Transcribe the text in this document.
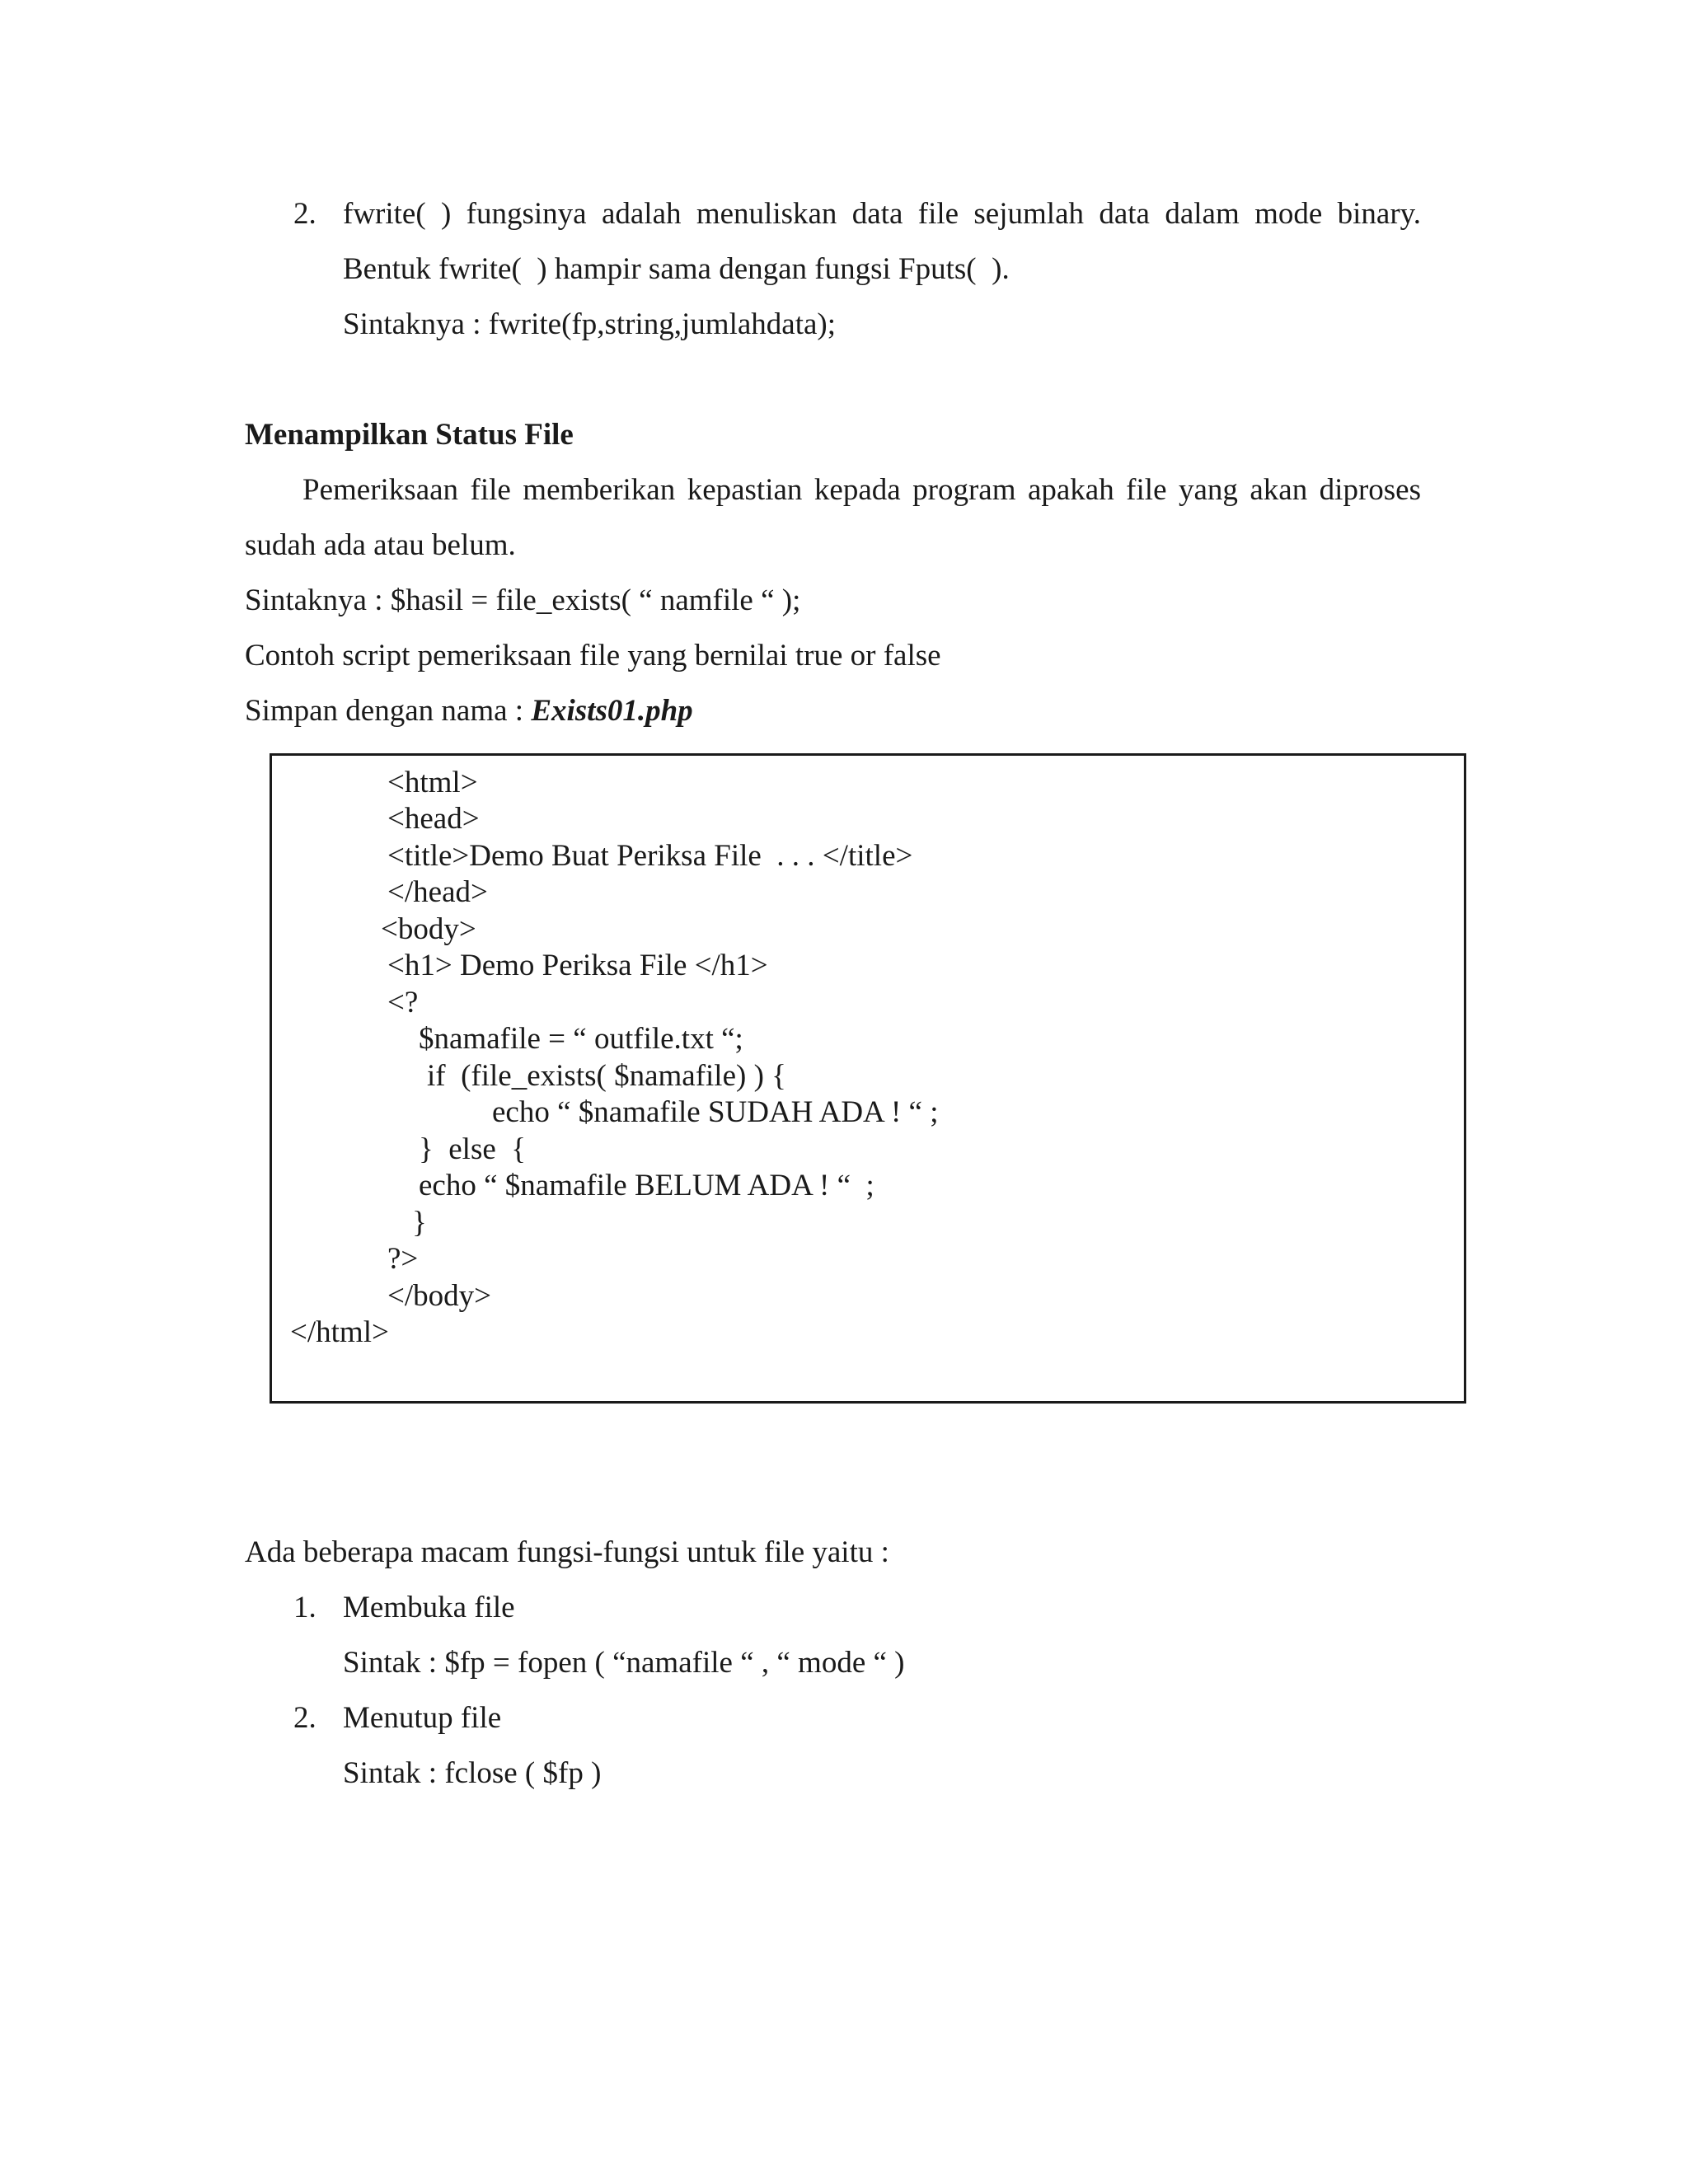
2. fwrite( ) fungsinya adalah menuliskan data file sejumlah data dalam mode binary.
Bentuk fwrite(  ) hampir sama dengan fungsi Fputs(  ).
Sintaknya : fwrite(fp,string,jumlahdata);
Menampilkan Status File
Pemeriksaan file memberikan kepastian kepada program apakah file yang akan diproses
sudah ada atau belum.
Sintaknya : $hasil = file_exists( “ namfile “ );
Contoh script pemeriksaan file yang bernilai true or false
Simpan dengan nama : Exists01.php
<html>
<head>
<title>Demo Buat Periksa File  . . . </title>
</head>
<body>
<h1> Demo Periksa File </h1>
<?
$namafile = “ outfile.txt “;
if  (file_exists( $namafile) ) {
echo “ $namafile SUDAH ADA ! “ ;
}  else  {
echo “ $namafile BELUM ADA ! “  ;
}
?>
</body>
</html>
Ada beberapa macam fungsi-fungsi untuk file yaitu :
1. Membuka file
Sintak : $fp = fopen ( “namafile “ , “ mode “ )
2. Menutup file
Sintak : fclose ( $fp )
